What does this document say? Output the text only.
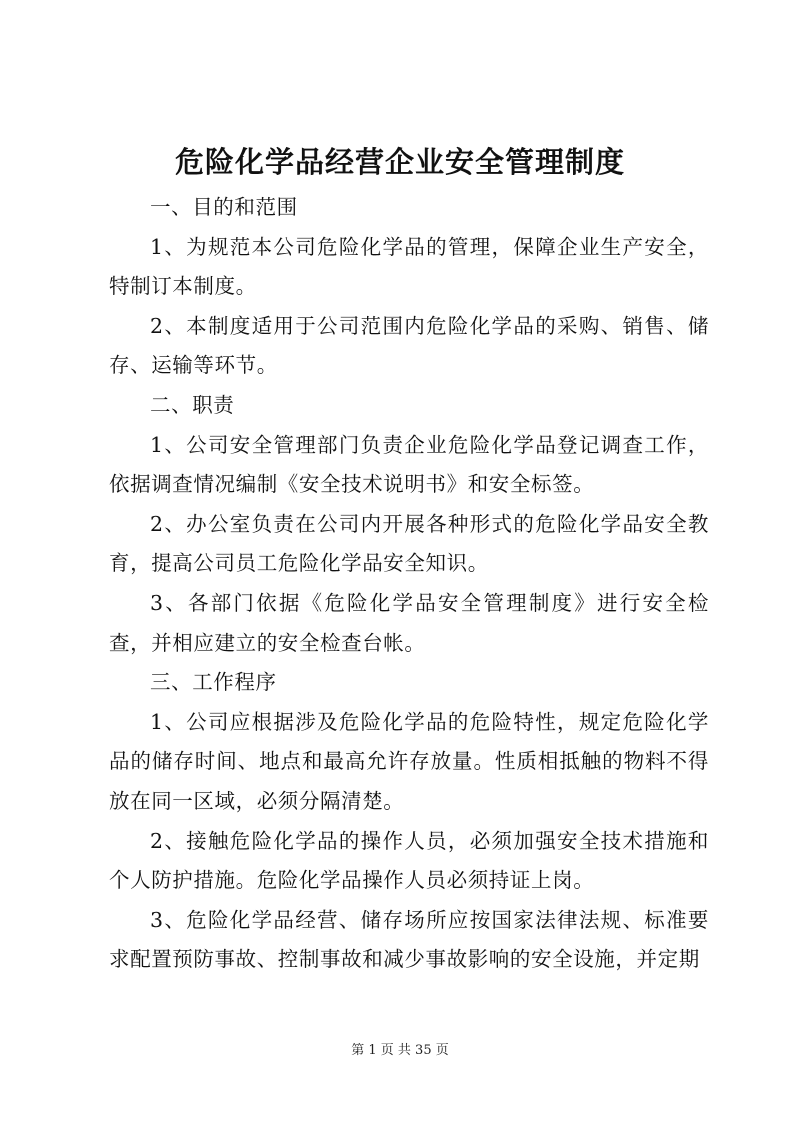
危险化学品经营企业安全管理制度

一、目的和范围

1、为规范本公司危险化学品的管理，保障企业生产安全，特制订本制度。

2、本制度适用于公司范围内危险化学品的采购、销售、储存、运输等环节。

二、职责

1、公司安全管理部门负责企业危险化学品登记调查工作，依据调查情况编制《安全技术说明书》和安全标签。

2、办公室负责在公司内开展各种形式的危险化学品安全教育，提高公司员工危险化学品安全知识。

3、各部门依据《危险化学品安全管理制度》进行安全检查，并相应建立的安全检查台帐。

三、工作程序

1、公司应根据涉及危险化学品的危险特性，规定危险化学品的储存时间、地点和最高允许存放量。性质相抵触的物料不得放在同一区域，必须分隔清楚。

2、接触危险化学品的操作人员，必须加强安全技术措施和个人防护措施。危险化学品操作人员必须持证上岗。

3、危险化学品经营、储存场所应按国家法律法规、标准要求配置预防事故、控制事故和减少事故影响的安全设施，并定期

第 1 页 共 35 页
